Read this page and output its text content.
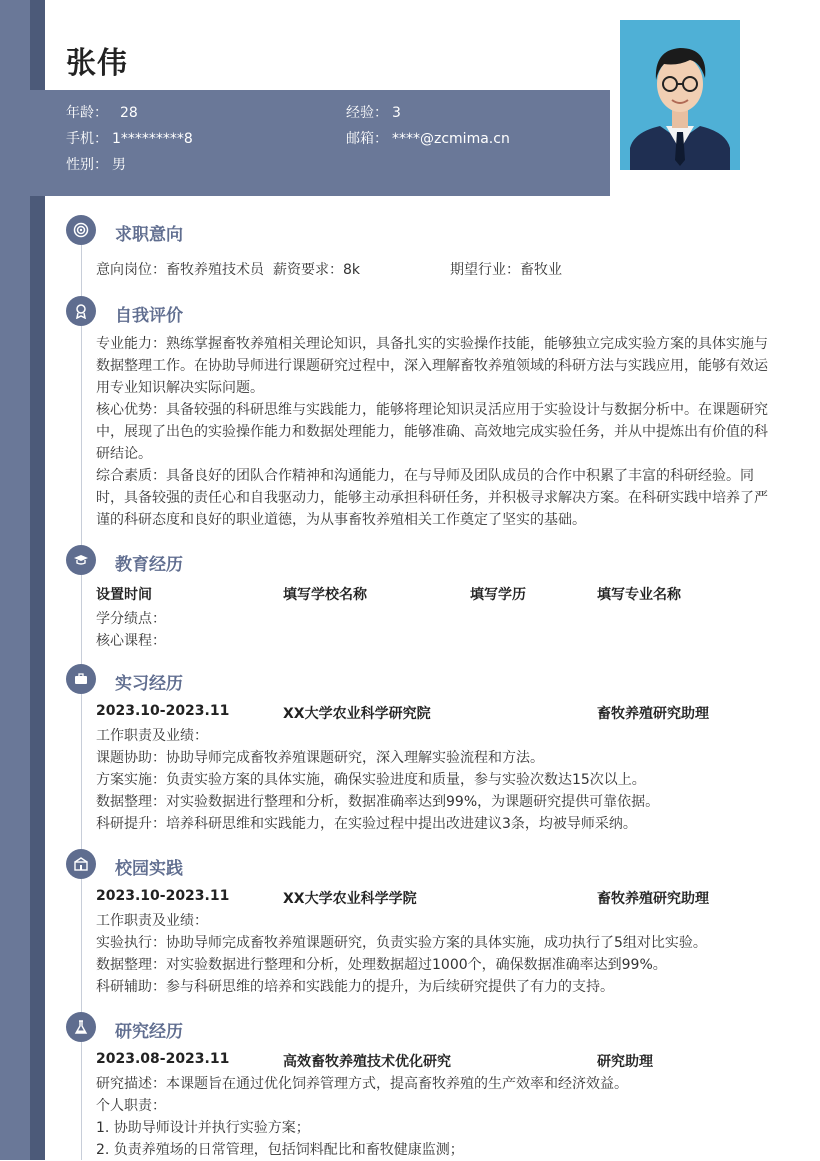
张伟
年龄： 28
手机： 1*********8
性别： 男
经验： 3
邮箱： ****@zcmima.cn
求职意向
意向岗位：畜牧养殖技术员 薪资要求：8k	期望行业：畜牧业
自我评价
专业能力：熟练掌握畜牧养殖相关理论知识，具备扎实的实验操作技能，能够独立完成实验方案的具体实施与数据整理工作。在协助导师进行课题研究过程中，深入理解畜牧养殖领域的科研方法与实践应用，能够有效运用专业知识解决实际问题。
核心优势：具备较强的科研思维与实践能力，能够将理论知识灵活应用于实验设计与数据分析中。在课题研究中，展现了出色的实验操作能力和数据处理能力，能够准确、高效地完成实验任务，并从中提炼出有价值的科研结论。
综合素质：具备良好的团队合作精神和沟通能力，在与导师及团队成员的合作中积累了丰富的科研经验。同时，具备较强的责任心和自我驱动力，能够主动承担科研任务，并积极寻求解决方案。在科研实践中培养了严谨的科研态度和良好的职业道德，为从事畜牧养殖相关工作奠定了坚实的基础。
教育经历
设置时间	填写学校名称	填写学历	填写专业名称
学分绩点：
核心课程：
实习经历
2023.10-2023.11	XX大学农业科学研究院	畜牧养殖研究助理
工作职责及业绩：
课题协助：协助导师完成畜牧养殖课题研究，深入理解实验流程和方法。
方案实施：负责实验方案的具体实施，确保实验进度和质量，参与实验次数达15次以上。
数据整理：对实验数据进行整理和分析，数据准确率达到99%，为课题研究提供可靠依据。
科研提升：培养科研思维和实践能力，在实验过程中提出改进建议3条，均被导师采纳。
校园实践
2023.10-2023.11	XX大学农业科学学院	畜牧养殖研究助理
工作职责及业绩：
实验执行：协助导师完成畜牧养殖课题研究，负责实验方案的具体实施，成功执行了5组对比实验。
数据整理：对实验数据进行整理和分析，处理数据超过1000个，确保数据准确率达到99%。
科研辅助：参与科研思维的培养和实践能力的提升，为后续研究提供了有力的支持。
研究经历
2023.08-2023.11	高效畜牧养殖技术优化研究	研究助理
研究描述：本课题旨在通过优化饲养管理方式，提高畜牧养殖的生产效率和经济效益。
个人职责：
1. 协助导师设计并执行实验方案；
2. 负责养殖场的日常管理，包括饲料配比和畜牧健康监测；
